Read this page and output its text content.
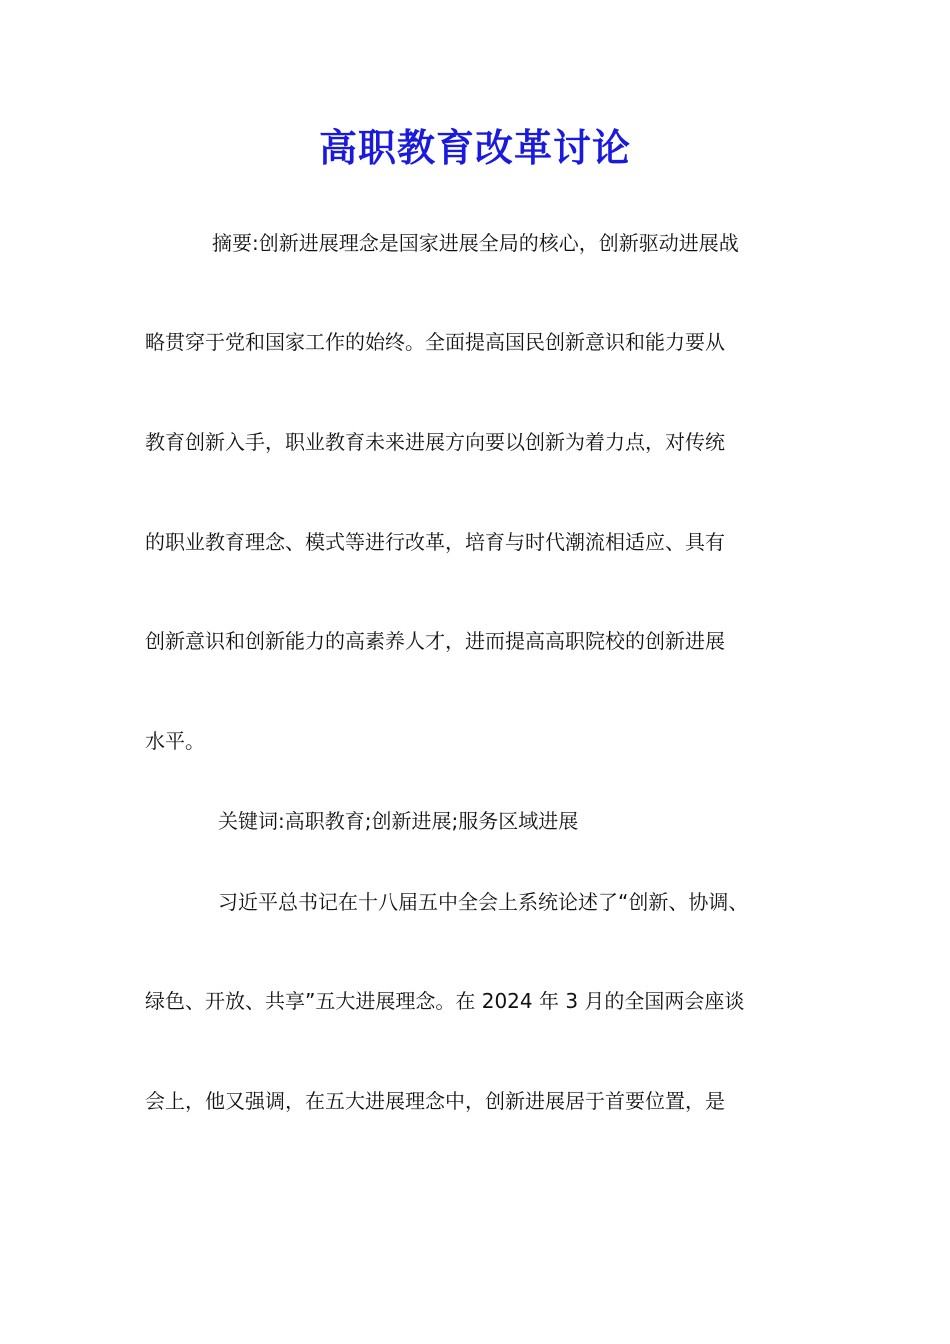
高职教育改革讨论
摘要:创新进展理念是国家进展全局的核心，创新驱动进展战
略贯穿于党和国家工作的始终。全面提高国民创新意识和能力要从
教育创新入手，职业教育未来进展方向要以创新为着力点，对传统
的职业教育理念、模式等进行改革，培育与时代潮流相适应、具有
创新意识和创新能力的高素养人才，进而提高高职院校的创新进展
水平。
关键词:高职教育;创新进展;服务区域进展
习近平总书记在十八届五中全会上系统论述了“创新、协调、
绿色、开放、共享”五大进展理念。在 2024 年 3 月的全国两会座谈
会上，他又强调，在五大进展理念中，创新进展居于首要位置，是
